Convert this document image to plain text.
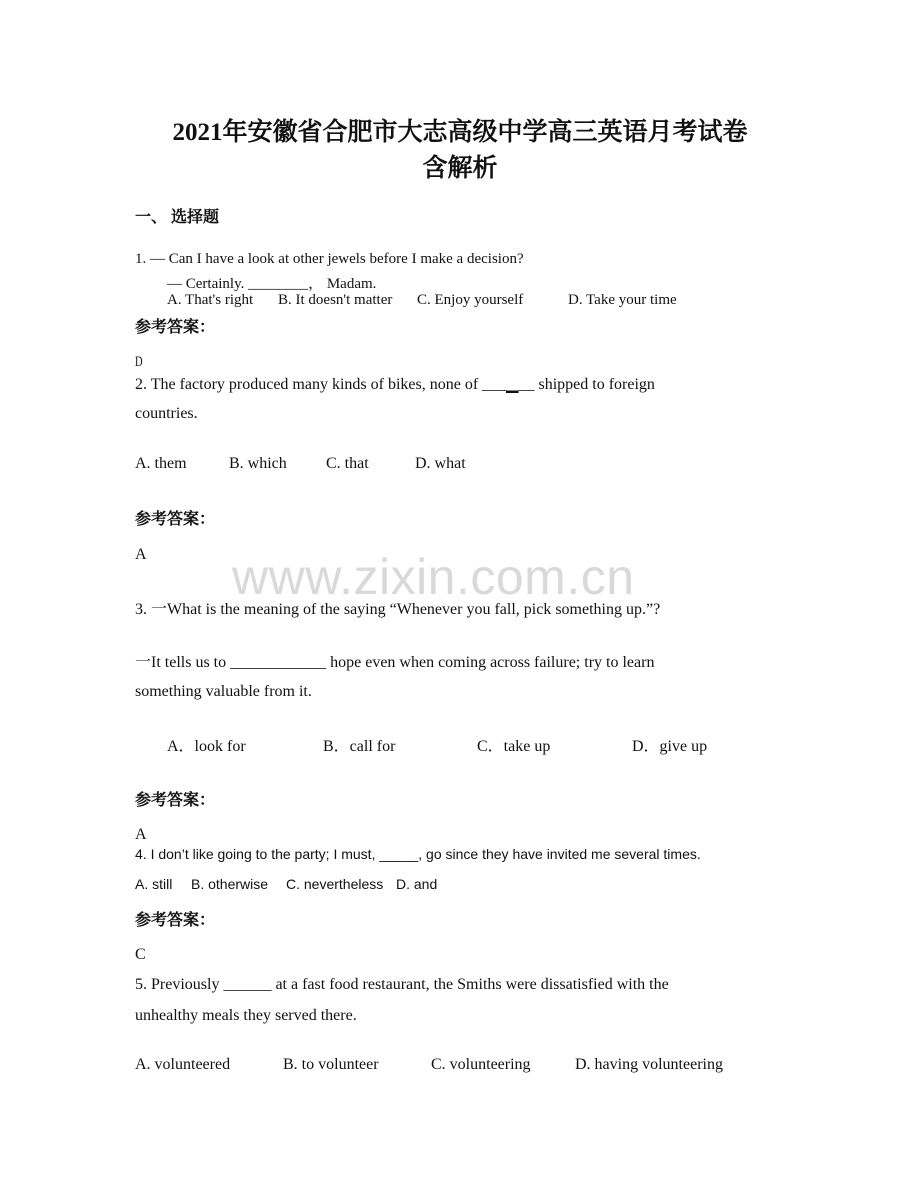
2021年安徽省合肥市大志高级中学高三英语月考试卷
含解析
一、 选择题
1. — Can I have a look at other jewels before I make a decision?
— Certainly. ________， Madam.
A. That's right B. It doesn't matter C. Enjoy yourself	D. Take your time
参考答案：
D
2. The factory produced many kinds of bikes, none of ___▁__ shipped to foreign
countries.
A. them	B. which C. that	D. what
参考答案：
A www.zixin.com.cn
3. 一What is the meaning of the saying “Whenever you fall, pick something up.”?
一It tells us to ____________ hope even when coming across failure; try to learn
something valuable from it.
A．look for	B．call for	C．take up	D．give up
参考答案：
A
4. I don’t like going to the party; I must, _____, go since they have invited me several times.
A. still B. otherwise C. nevertheless D. and
参考答案：
C
5. Previously ______ at a fast food restaurant, the Smiths were dissatisfied with the
unhealthy meals they served there.
A. volunteered	B. to volunteer	C. volunteering	D. having volunteering
